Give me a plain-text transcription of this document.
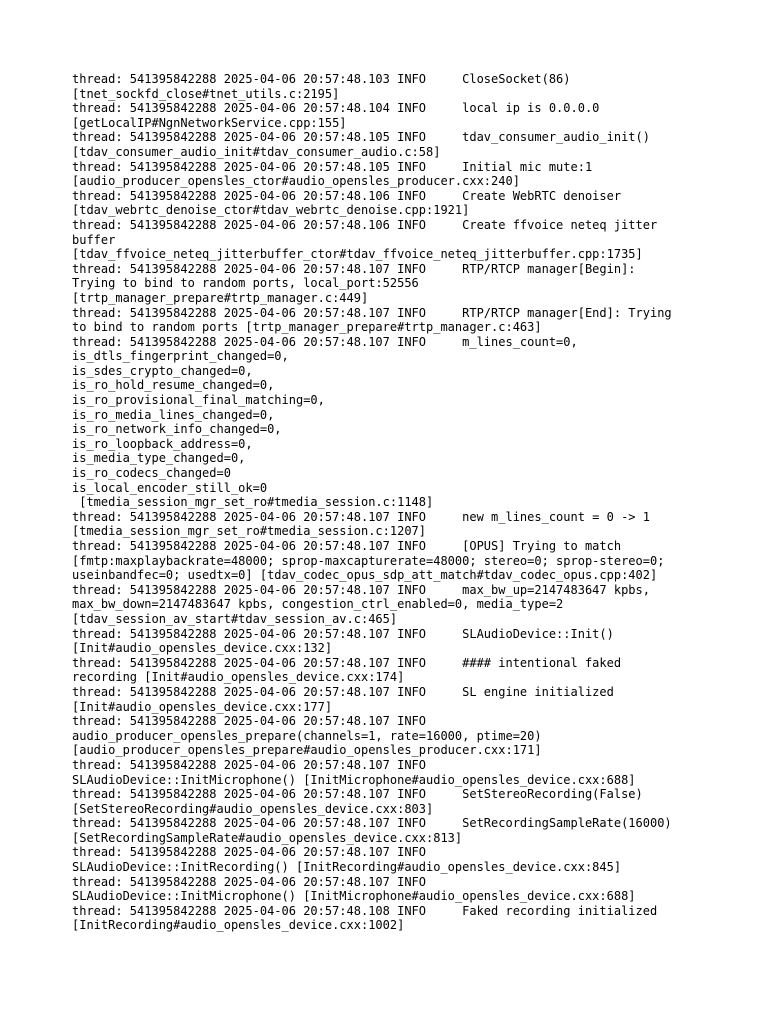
thread: 541395842288 2025-04-06 20:57:48.103 INFO     CloseSocket(86)
[tnet_sockfd_close#tnet_utils.c:2195]
thread: 541395842288 2025-04-06 20:57:48.104 INFO     local ip is 0.0.0.0
[getLocalIP#NgnNetworkService.cpp:155]
thread: 541395842288 2025-04-06 20:57:48.105 INFO     tdav_consumer_audio_init()
[tdav_consumer_audio_init#tdav_consumer_audio.c:58]
thread: 541395842288 2025-04-06 20:57:48.105 INFO     Initial mic mute:1
[audio_producer_opensles_ctor#audio_opensles_producer.cxx:240]
thread: 541395842288 2025-04-06 20:57:48.106 INFO     Create WebRTC denoiser
[tdav_webrtc_denoise_ctor#tdav_webrtc_denoise.cpp:1921]
thread: 541395842288 2025-04-06 20:57:48.106 INFO     Create ffvoice neteq jitter
buffer
[tdav_ffvoice_neteq_jitterbuffer_ctor#tdav_ffvoice_neteq_jitterbuffer.cpp:1735]
thread: 541395842288 2025-04-06 20:57:48.107 INFO     RTP/RTCP manager[Begin]:
Trying to bind to random ports, local_port:52556
[trtp_manager_prepare#trtp_manager.c:449]
thread: 541395842288 2025-04-06 20:57:48.107 INFO     RTP/RTCP manager[End]: Trying
to bind to random ports [trtp_manager_prepare#trtp_manager.c:463]
thread: 541395842288 2025-04-06 20:57:48.107 INFO     m_lines_count=0,
is_dtls_fingerprint_changed=0,
is_sdes_crypto_changed=0,
is_ro_hold_resume_changed=0,
is_ro_provisional_final_matching=0,
is_ro_media_lines_changed=0,
is_ro_network_info_changed=0,
is_ro_loopback_address=0,
is_media_type_changed=0,
is_ro_codecs_changed=0
is_local_encoder_still_ok=0
[tmedia_session_mgr_set_ro#tmedia_session.c:1148]
thread: 541395842288 2025-04-06 20:57:48.107 INFO     new m_lines_count = 0 -> 1
[tmedia_session_mgr_set_ro#tmedia_session.c:1207]
thread: 541395842288 2025-04-06 20:57:48.107 INFO     [OPUS] Trying to match
[fmtp:maxplaybackrate=48000; sprop-maxcapturerate=48000; stereo=0; sprop-stereo=0;
useinbandfec=0; usedtx=0] [tdav_codec_opus_sdp_att_match#tdav_codec_opus.cpp:402]
thread: 541395842288 2025-04-06 20:57:48.107 INFO     max_bw_up=2147483647 kpbs,
max_bw_down=2147483647 kpbs, congestion_ctrl_enabled=0, media_type=2
[tdav_session_av_start#tdav_session_av.c:465]
thread: 541395842288 2025-04-06 20:57:48.107 INFO     SLAudioDevice::Init()
[Init#audio_opensles_device.cxx:132]
thread: 541395842288 2025-04-06 20:57:48.107 INFO     #### intentional faked
recording [Init#audio_opensles_device.cxx:174]
thread: 541395842288 2025-04-06 20:57:48.107 INFO     SL engine initialized
[Init#audio_opensles_device.cxx:177]
thread: 541395842288 2025-04-06 20:57:48.107 INFO
audio_producer_opensles_prepare(channels=1, rate=16000, ptime=20)
[audio_producer_opensles_prepare#audio_opensles_producer.cxx:171]
thread: 541395842288 2025-04-06 20:57:48.107 INFO
SLAudioDevice::InitMicrophone() [InitMicrophone#audio_opensles_device.cxx:688]
thread: 541395842288 2025-04-06 20:57:48.107 INFO     SetStereoRecording(False)
[SetStereoRecording#audio_opensles_device.cxx:803]
thread: 541395842288 2025-04-06 20:57:48.107 INFO     SetRecordingSampleRate(16000)
[SetRecordingSampleRate#audio_opensles_device.cxx:813]
thread: 541395842288 2025-04-06 20:57:48.107 INFO
SLAudioDevice::InitRecording() [InitRecording#audio_opensles_device.cxx:845]
thread: 541395842288 2025-04-06 20:57:48.107 INFO
SLAudioDevice::InitMicrophone() [InitMicrophone#audio_opensles_device.cxx:688]
thread: 541395842288 2025-04-06 20:57:48.108 INFO     Faked recording initialized
[InitRecording#audio_opensles_device.cxx:1002]
